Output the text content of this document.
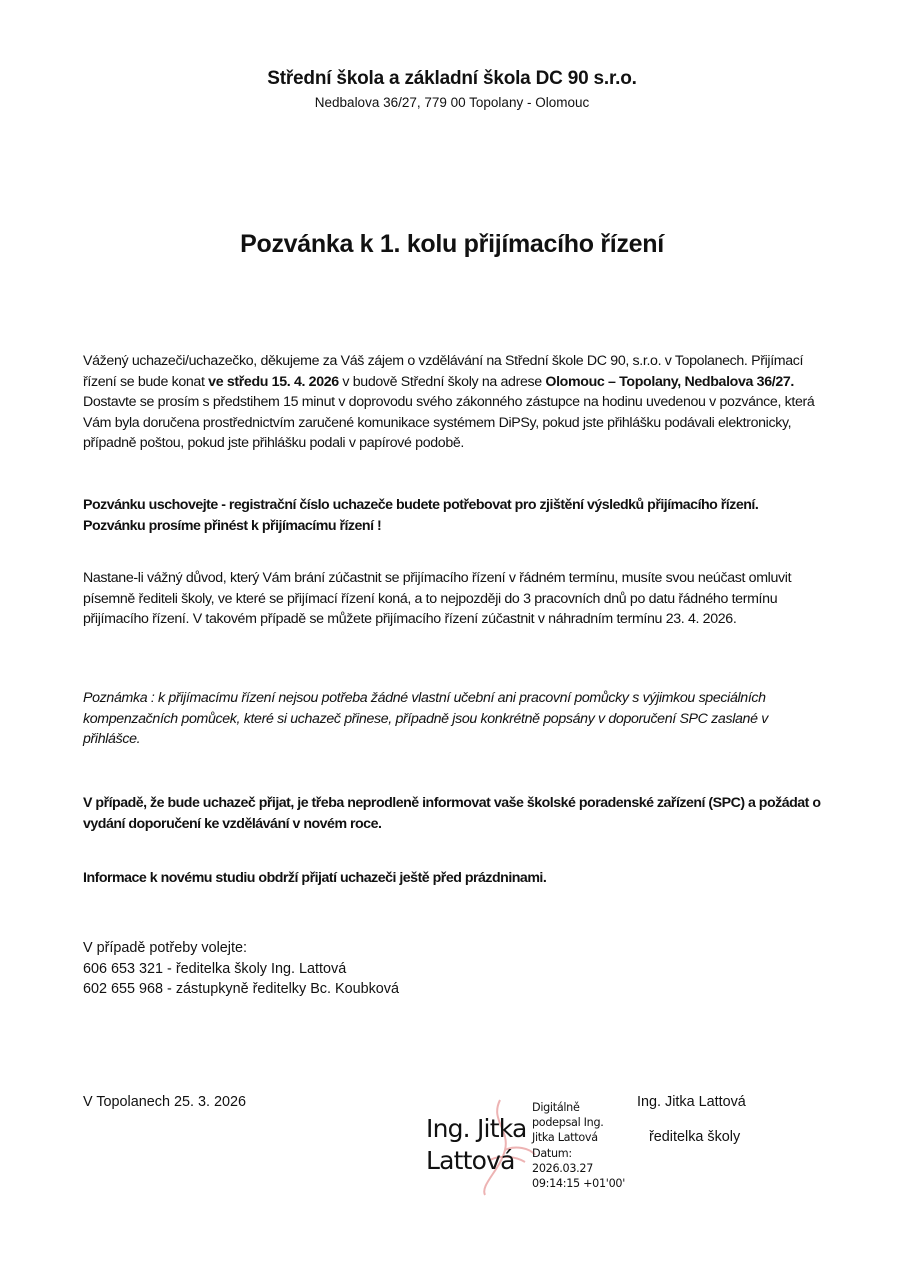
Střední škola a základní škola DC 90 s.r.o.
Nedbalova 36/27, 779 00 Topolany - Olomouc
Pozvánka k 1. kolu přijímacího řízení
Vážený uchazeči/uchazečko, děkujeme za Váš zájem o vzdělávání na Střední škole DC 90, s.r.o. v Topolanech. Přijímací řízení se bude konat ve středu 15. 4. 2026 v budově Střední školy na adrese Olomouc – Topolany, Nedbalova 36/27. Dostavte se prosím s předstihem 15 minut v doprovodu svého zákonného zástupce na hodinu uvedenou v pozvánce, která Vám byla doručena prostřednictvím zaručené komunikace systémem DiPSy, pokud jste přihlášku podávali elektronicky, případně poštou, pokud jste přihlášku podali v papírové podobě.
Pozvánku uschovejte - registrační číslo uchazeče budete potřebovat pro zjištění výsledků přijímacího řízení.
Pozvánku prosíme přinést k přijímacímu řízení !
Nastane-li vážný důvod, který Vám brání zúčastnit se přijímacího řízení v řádném termínu, musíte svou neúčast omluvit písemně řediteli školy, ve které se přijímací řízení koná, a to nejpozději do 3 pracovních dnů po datu řádného termínu přijímacího řízení. V takovém případě se můžete přijímacího řízení zúčastnit v náhradním termínu 23. 4. 2026.
Poznámka : k přijímacímu řízení nejsou potřeba žádné vlastní učební ani pracovní pomůcky s výjimkou speciálních kompenzačních pomůcek, které si uchazeč přinese, případně jsou konkrétně popsány v doporučení SPC zaslané v přihlášce.
V případě, že bude uchazeč přijat, je třeba neprodleně informovat vaše školské poradenské zařízení (SPC) a požádat o vydání doporučení ke vzdělávání v novém roce.
Informace k novému studiu obdrží přijatí uchazeči ještě před prázdninami.
V případě potřeby volejte:
606 653 321 - ředitelka školy Ing. Lattová
602 655 968 - zástupkyně ředitelky Bc. Koubková
V Topolanech 25. 3. 2026
Ing. Jitka
Lattová
Digitálně
podepsal Ing.
Jitka Lattová
Datum:
2026.03.27
09:14:15 +01'00'
Ing. Jitka Lattová
ředitelka školy
